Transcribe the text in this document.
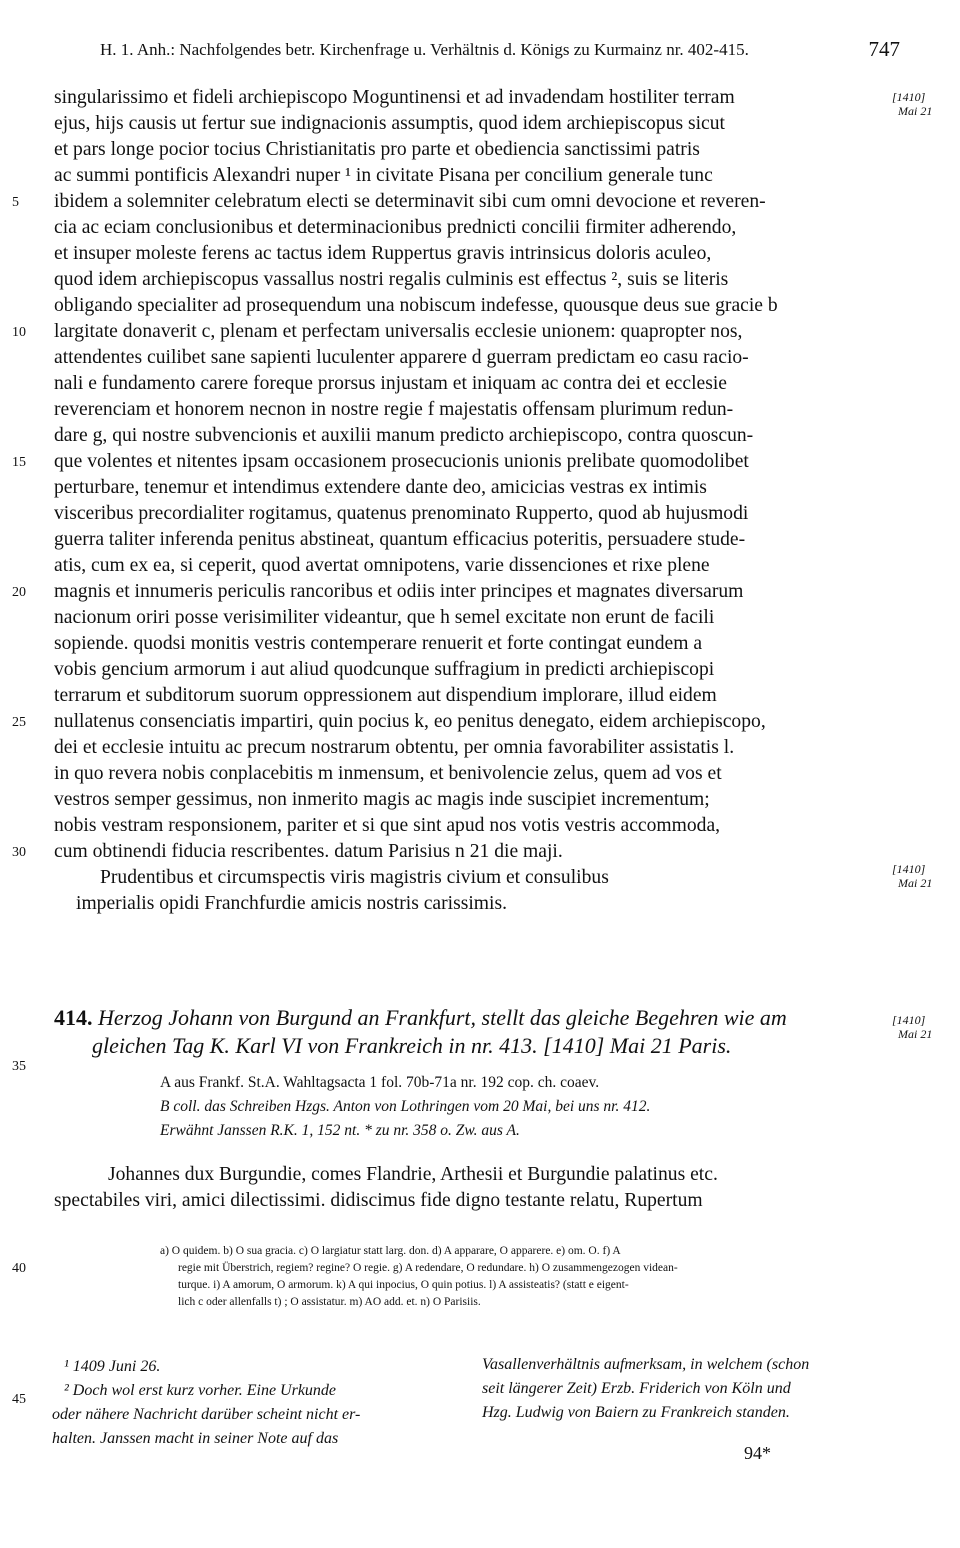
H. 1. Anh.: Nachfolgendes betr. Kirchenfrage u. Verhältnis d. Königs zu Kurmainz nr. 402-415.	747
singularissimo et fideli archiepiscopo Moguntinensi et ad invadendam hostiliter terram
ejus, hijs causis ut fertur sue indignacionis assumptis, quod idem archiepiscopus sicut
et pars longe pocior tocius Christianitatis pro parte et obediencia sanctissimi patris
ac summi pontificis Alexandri nuper ¹ in civitate Pisana per concilium generale tunc
ibidem a solemniter celebratum electi se determinavit sibi cum omni devocione et reveren-
cia ac eciam conclusionibus et determinacionibus prednicti concilii firmiter adherendo,
et insuper moleste ferens ac tactus idem Ruppertus gravis intrinsicus doloris aculeo,
quod idem archiepiscopus vassallus nostri regalis culminis est effectus ², suis se literis
obligando specialiter ad prosequendum una nobiscum indefesse, quousque deus sue gracie b
largitate donaverit c, plenam et perfectam universalis ecclesie unionem: quapropter nos,
attendentes cuilibet sane sapienti luculenter apparere d guerram predictam eo casu racio-
nali e fundamento carere foreque prorsus injustam et iniquam ac contra dei et ecclesie
reverenciam et honorem necnon in nostre regie f majestatis offensam plurimum redun-
dare g, qui nostre subvencionis et auxilii manum predicto archiepiscopo, contra quoscun-
que volentes et nitentes ipsam occasionem prosecucionis unionis prelibate quomodolibet
perturbare, tenemur et intendimus extendere dante deo, amicicias vestras ex intimis
visceribus precordialiter rogitamus, quatenus prenominato Rupperto, quod ab hujusmodi
guerra taliter inferenda penitus abstineat, quantum efficacius poteritis, persuadere stude-
atis, cum ex ea, si ceperit, quod avertat omnipotens, varie dissenciones et rixe plene
magnis et innumeris periculis rancoribus et odiis inter principes et magnates diversarum
nacionum oriri posse verisimiliter videantur, que h semel excitate non erunt de facili
sopiende. quodsi monitis vestris contemperare renuerit et forte contingat eundem a
vobis gencium armorum i aut aliud quodcunque suffragium in predicti archiepiscopi
terrarum et subditorum suorum oppressionem aut dispendium implorare, illud eidem
nullatenus consenciatis impartiri, quin pocius k, eo penitus denegato, eidem archiepiscopo,
dei et ecclesie intuitu ac precum nostrarum obtentu, per omnia favorabiliter assistatis l.
in quo revera nobis conplacebitis m inmensum, et benivolencie zelus, quem ad vos et
vestros semper gessimus, non inmerito magis ac magis inde suscipiet incrementum;
nobis vestram responsionem, pariter et si que sint apud nos votis vestris accommoda,
cum obtinendi fiducia rescribentes. datum Parisius n 21 die maji.
Prudentibus et circumspectis viris magistris civium et consulibus
imperialis opidi Franchfurdie amicis nostris carissimis.
5
10
15
20
25
30
35
40
45
[1410]
Mai 21
[1410]
Mai 21
[1410]
Mai 21
414. Herzog Johann von Burgund an Frankfurt, stellt das gleiche Begehren wie am
gleichen Tag K. Karl VI von Frankreich in nr. 413. [1410] Mai 21 Paris.
A aus Frankf. St.A. Wahltagsacta 1 fol. 70b-71a nr. 192 cop. ch. coaev.
B coll. das Schreiben Hzgs. Anton von Lothringen vom 20 Mai, bei uns nr. 412.
Erwähnt Janssen R.K. 1, 152 nt. * zu nr. 358 o. Zw. aus A.
Johannes dux Burgundie, comes Flandrie, Arthesii et Burgundie palatinus etc.
spectabiles viri, amici dilectissimi. didiscimus fide digno testante relatu, Rupertum
a) O quidem. b) O sua gracia. c) O largiatur statt larg. don. d) A apparare, O apparere. e) om. O. f) A
regie mit Überstrich, regiem? regine? O regie. g) A redendare, O redundare. h) O zusammengezogen videan-
turque. i) A amorum, O armorum. k) A qui inpocius, O quin potius. l) A assisteatis? (statt e eigent-
lich c oder allenfalls t) ; O assistatur. m) AO add. et. n) O Parisiis.
¹ 1409 Juni 26.
² Doch wol erst kurz vorher. Eine Urkunde
oder nähere Nachricht darüber scheint nicht er-
halten. Janssen macht in seiner Note auf das
Vasallenverhältnis aufmerksam, in welchem (schon
seit längerer Zeit) Erzb. Friderich von Köln und
Hzg. Ludwig von Baiern zu Frankreich standen.
94*
